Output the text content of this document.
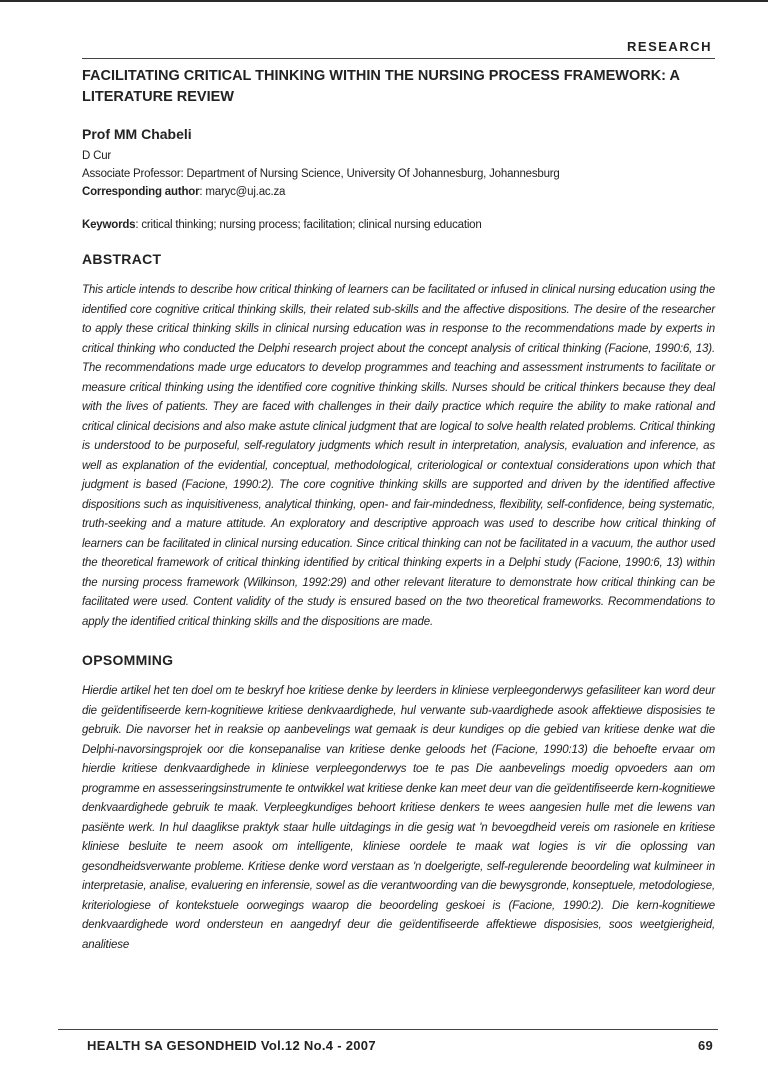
RESEARCH
FACILITATING CRITICAL THINKING WITHIN THE NURSING PROCESS FRAMEWORK: A LITERATURE REVIEW
Prof MM Chabeli
D Cur
Associate Professor: Department of Nursing Science, University Of Johannesburg, Johannesburg
Corresponding author: maryc@uj.ac.za
Keywords: critical thinking; nursing process; facilitation; clinical nursing education
ABSTRACT

This article intends to describe how critical thinking of learners can be facilitated or infused in clinical nursing education using the identified core cognitive critical thinking skills, their related sub-skills and the affective dispositions. The desire of the researcher to apply these critical thinking skills in clinical nursing education was in response to the recommendations made by experts in critical thinking who conducted the Delphi research project about the concept analysis of critical thinking (Facione, 1990:6, 13). The recommendations made urge educators to develop programmes and teaching and assessment instruments to facilitate or measure critical thinking using the identified core cognitive thinking skills. Nurses should be critical thinkers because they deal with the lives of patients. They are faced with challenges in their daily practice which require the ability to make rational and critical clinical decisions and also make astute clinical judgment that are logical to solve health related problems. Critical thinking is understood to be purposeful, self-regulatory judgments which result in interpretation, analysis, evaluation and inference, as well as explanation of the evidential, conceptual, methodological, criteriological or contextual considerations upon which that judgment is based (Facione, 1990:2). The core cognitive thinking skills are supported and driven by the identified affective dispositions such as inquisitiveness, analytical thinking, open- and fair-mindedness, flexibility, self-confidence, being systematic, truth-seeking and a mature attitude. An exploratory and descriptive approach was used to describe how critical thinking of learners can be facilitated in clinical nursing education. Since critical thinking can not be facilitated in a vacuum, the author used the theoretical framework of critical thinking identified by critical thinking experts in a Delphi study (Facione, 1990:6, 13) within the nursing process framework (Wilkinson, 1992:29) and other relevant literature to demonstrate how critical thinking can be facilitated were used. Content validity of the study is ensured based on the two theoretical frameworks. Recommendations to apply the identified critical thinking skills and the dispositions are made.

OPSOMMING

Hierdie artikel het ten doel om te beskryf hoe kritiese denke by leerders in kliniese verpleegonderwys gefasiliteer kan word deur die geïdentifiseerde kern-kognitiewe kritiese denkvaardighede, hul verwante sub-vaardighede asook affektiewe disposisies te gebruik. Die navorser het in reaksie op aanbevelings wat gemaak is deur kundiges op die gebied van kritiese denke wat die Delphi-navorsingsprojek oor die konsepanalise van kritiese denke geloods het (Facione, 1990:13) die behoefte ervaar om hierdie kritiese denkvaardighede in kliniese verpleegonderwys toe te pas Die aanbevelings moedig opvoeders aan om programme en assesseringsinstrumente te ontwikkel wat kritiese denke kan meet deur van die geïdentifiseerde kern-kognitiewe denkvaardighede gebruik te maak. Verpleegkundiges behoort kritiese denkers te wees aangesien hulle met die lewens van pasiënte werk. In hul daaglikse praktyk staar hulle uitdagings in die gesig wat 'n bevoegdheid vereis om rasionele en kritiese kliniese besluite te neem asook om intelligente, kliniese oordele te maak wat logies is vir die oplossing van gesondheidsverwante probleme. Kritiese denke word verstaan as 'n doelgerigte, self-regulerende beoordeling wat kulmineer in interpretasie, analise, evaluering en inferensie, sowel as die verantwoording van die bewysgronde, konseptuele, metodologiese, kriteriologiese of kontekstuele oorwegings waarop die beoordeling geskoei is (Facione, 1990:2). Die kern-kognitiewe denkvaardighede word ondersteun en aangedryf deur die geïdentifiseerde affektiewe disposisies, soos weetgierigheid, analitiese

HEALTH SA GESONDHEID Vol.12 No.4 - 2007	69
